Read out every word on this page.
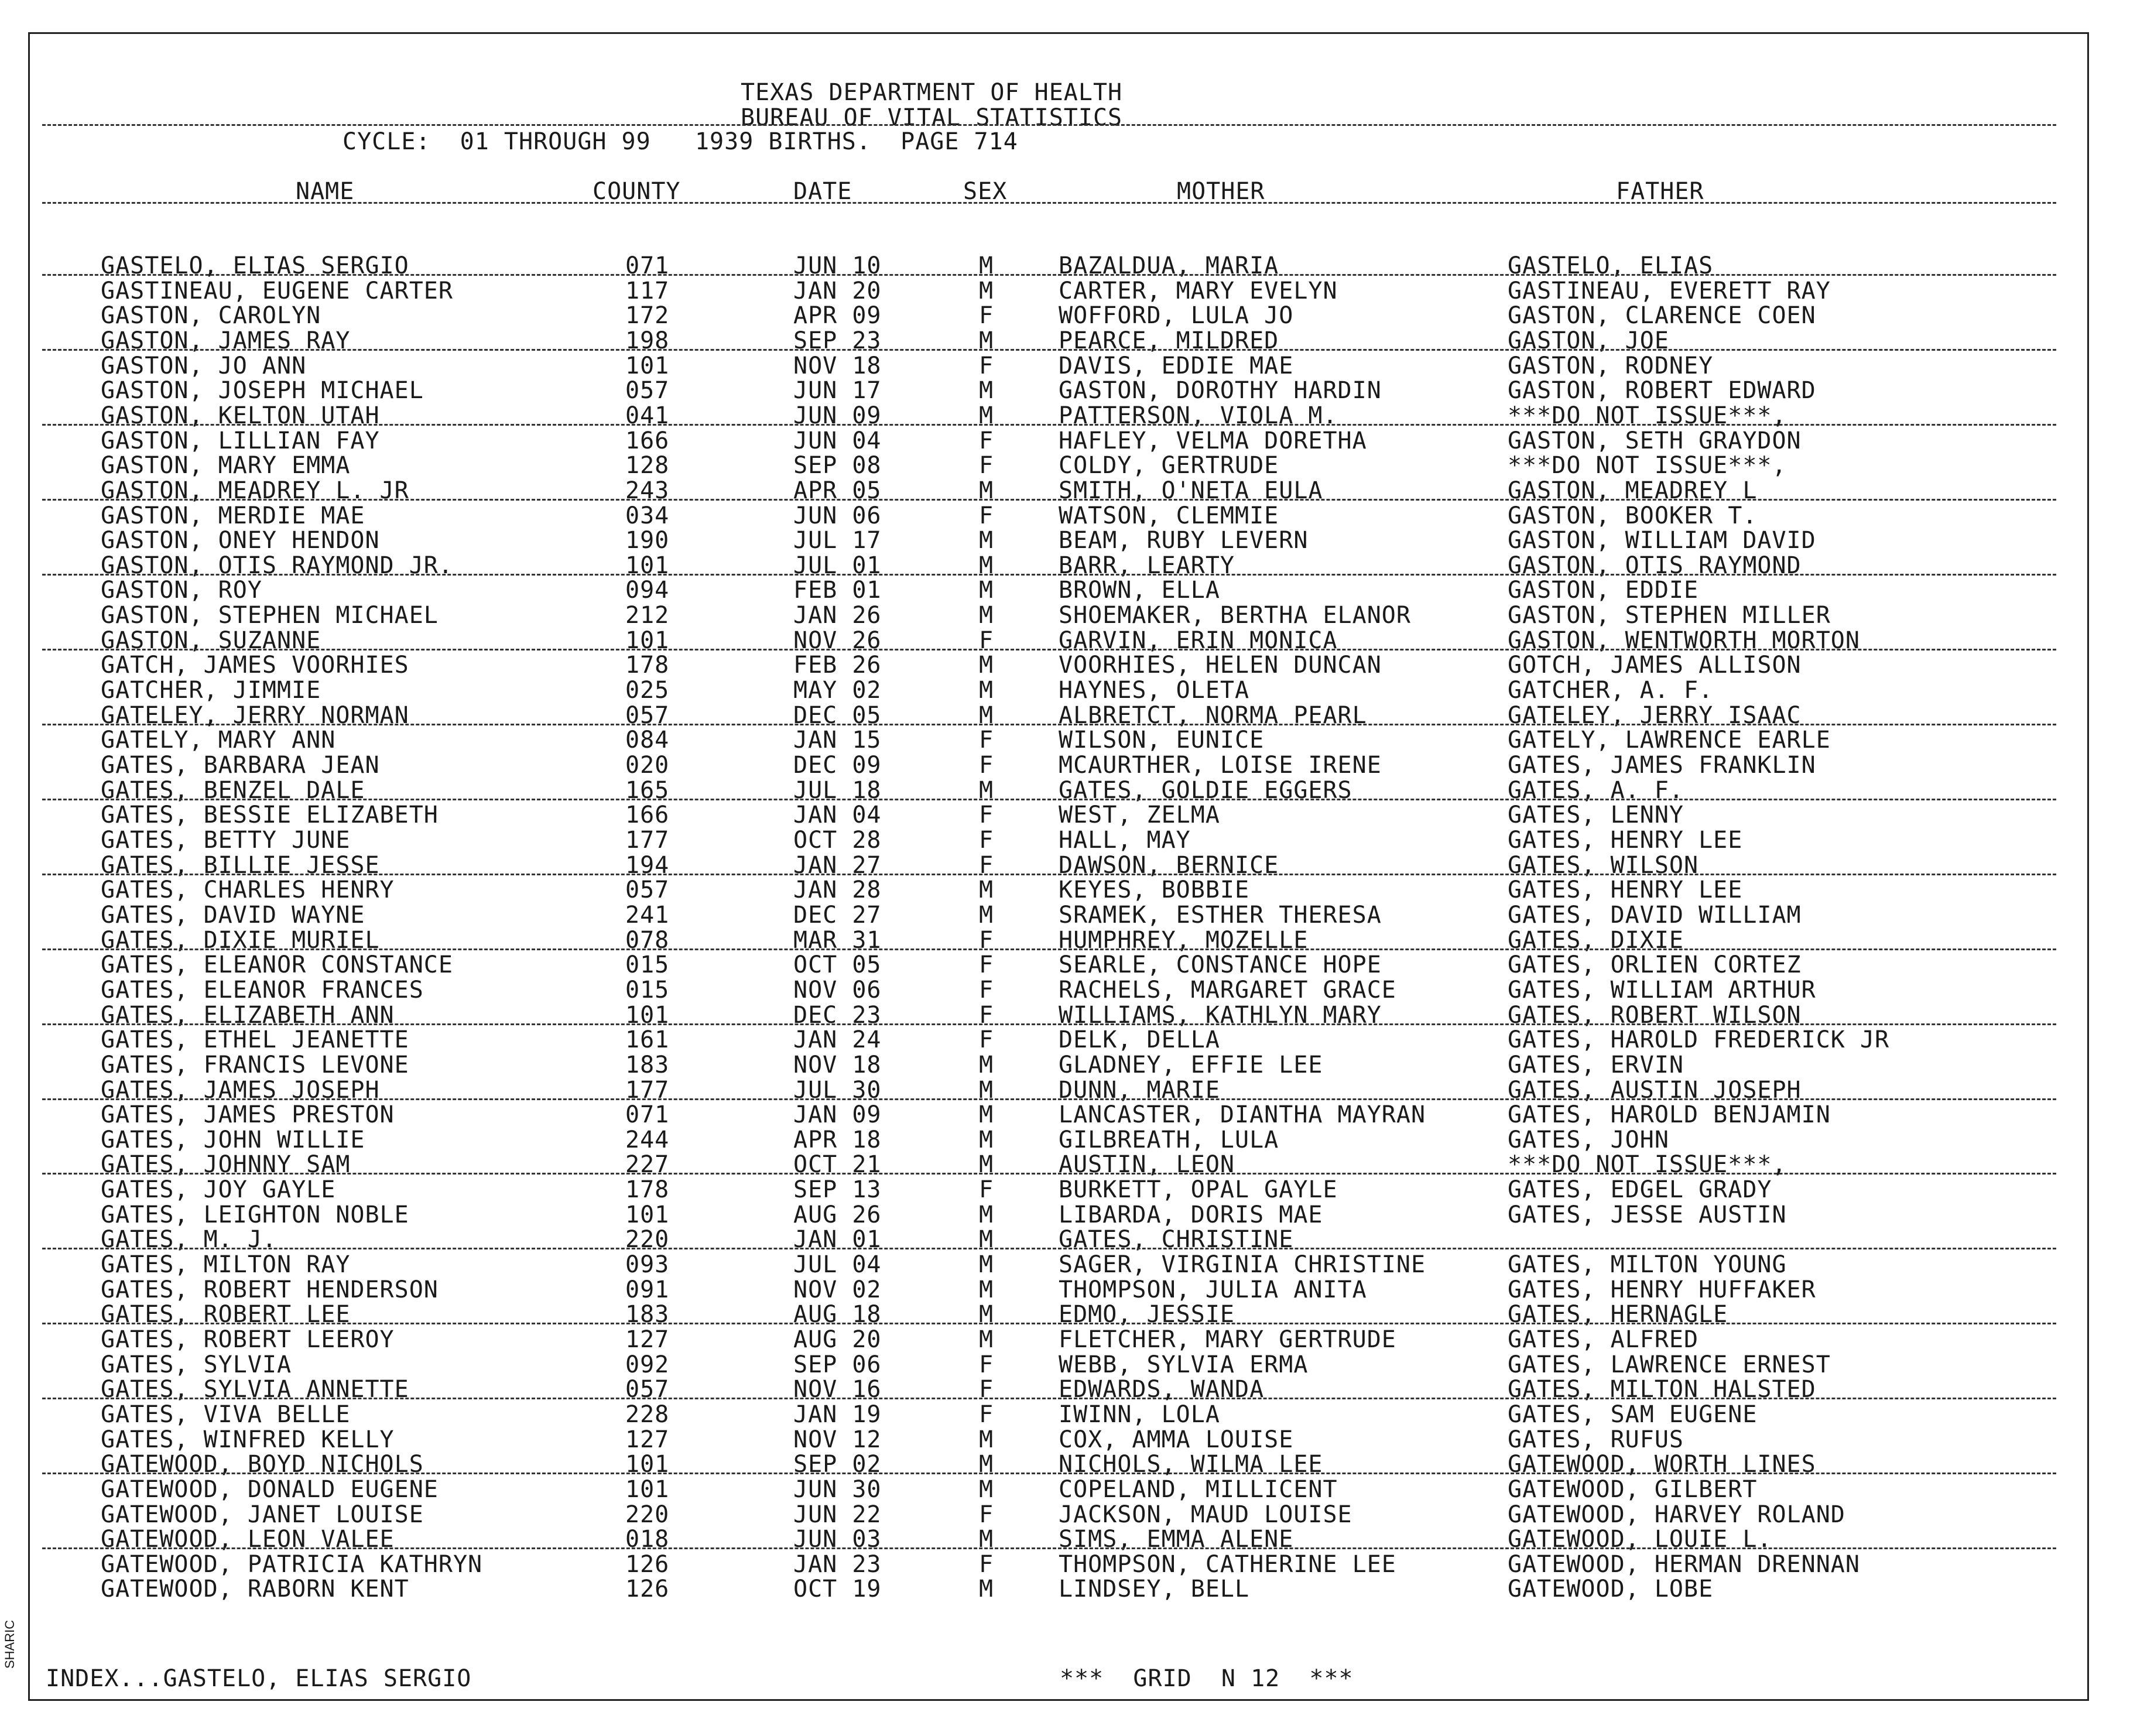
TEXAS DEPARTMENT OF HEALTH
BUREAU OF VITAL STATISTICS
CYCLE:  01 THROUGH 99   1939 BIRTHS.  PAGE 714
NAME	COUNTY	DATE	SEX	MOTHER	FATHER
GASTELO, ELIAS SERGIO	071	JUN 10	M	BAZALDUA, MARIA	GASTELO, ELIAS
GASTINEAU, EUGENE CARTER	117	JAN 20	M	CARTER, MARY EVELYN	GASTINEAU, EVERETT RAY
GASTON, CAROLYN	172	APR 09	F	WOFFORD, LULA JO	GASTON, CLARENCE COEN
GASTON, JAMES RAY	198	SEP 23	M	PEARCE, MILDRED	GASTON, JOE
GASTON, JO ANN	101	NOV 18	F	DAVIS, EDDIE MAE	GASTON, RODNEY
GASTON, JOSEPH MICHAEL	057	JUN 17	M	GASTON, DOROTHY HARDIN	GASTON, ROBERT EDWARD
GASTON, KELTON UTAH	041	JUN 09	M	PATTERSON, VIOLA M.	***DO NOT ISSUE***,
GASTON, LILLIAN FAY	166	JUN 04	F	HAFLEY, VELMA DORETHA	GASTON, SETH GRAYDON
GASTON, MARY EMMA	128	SEP 08	F	COLDY, GERTRUDE	***DO NOT ISSUE***,
GASTON, MEADREY L. JR	243	APR 05	M	SMITH, O'NETA EULA	GASTON, MEADREY L
GASTON, MERDIE MAE	034	JUN 06	F	WATSON, CLEMMIE	GASTON, BOOKER T.
GASTON, ONEY HENDON	190	JUL 17	M	BEAM, RUBY LEVERN	GASTON, WILLIAM DAVID
GASTON, OTIS RAYMOND JR.	101	JUL 01	M	BARR, LEARTY	GASTON, OTIS RAYMOND
GASTON, ROY	094	FEB 01	M	BROWN, ELLA	GASTON, EDDIE
GASTON, STEPHEN MICHAEL	212	JAN 26	M	SHOEMAKER, BERTHA ELANOR	GASTON, STEPHEN MILLER
GASTON, SUZANNE	101	NOV 26	F	GARVIN, ERIN MONICA	GASTON, WENTWORTH MORTON
GATCH, JAMES VOORHIES	178	FEB 26	M	VOORHIES, HELEN DUNCAN	GOTCH, JAMES ALLISON
GATCHER, JIMMIE	025	MAY 02	M	HAYNES, OLETA	GATCHER, A. F.
GATELEY, JERRY NORMAN	057	DEC 05	M	ALBRETCT, NORMA PEARL	GATELEY, JERRY ISAAC
GATELY, MARY ANN	084	JAN 15	F	WILSON, EUNICE	GATELY, LAWRENCE EARLE
GATES, BARBARA JEAN	020	DEC 09	F	MCAURTHER, LOISE IRENE	GATES, JAMES FRANKLIN
GATES, BENZEL DALE	165	JUL 18	M	GATES, GOLDIE EGGERS	GATES, A. F.
GATES, BESSIE ELIZABETH	166	JAN 04	F	WEST, ZELMA	GATES, LENNY
GATES, BETTY JUNE	177	OCT 28	F	HALL, MAY	GATES, HENRY LEE
GATES, BILLIE JESSE	194	JAN 27	F	DAWSON, BERNICE	GATES, WILSON
GATES, CHARLES HENRY	057	JAN 28	M	KEYES, BOBBIE	GATES, HENRY LEE
GATES, DAVID WAYNE	241	DEC 27	M	SRAMEK, ESTHER THERESA	GATES, DAVID WILLIAM
GATES, DIXIE MURIEL	078	MAR 31	F	HUMPHREY, MOZELLE	GATES, DIXIE
GATES, ELEANOR CONSTANCE	015	OCT 05	F	SEARLE, CONSTANCE HOPE	GATES, ORLIEN CORTEZ
GATES, ELEANOR FRANCES	015	NOV 06	F	RACHELS, MARGARET GRACE	GATES, WILLIAM ARTHUR
GATES, ELIZABETH ANN	101	DEC 23	F	WILLIAMS, KATHLYN MARY	GATES, ROBERT WILSON
GATES, ETHEL JEANETTE	161	JAN 24	F	DELK, DELLA	GATES, HAROLD FREDERICK JR
GATES, FRANCIS LEVONE	183	NOV 18	M	GLADNEY, EFFIE LEE	GATES, ERVIN
GATES, JAMES JOSEPH	177	JUL 30	M	DUNN, MARIE	GATES, AUSTIN JOSEPH
GATES, JAMES PRESTON	071	JAN 09	M	LANCASTER, DIANTHA MAYRAN	GATES, HAROLD BENJAMIN
GATES, JOHN WILLIE	244	APR 18	M	GILBREATH, LULA	GATES, JOHN
GATES, JOHNNY SAM	227	OCT 21	M	AUSTIN, LEON	***DO NOT ISSUE***,
GATES, JOY GAYLE	178	SEP 13	F	BURKETT, OPAL GAYLE	GATES, EDGEL GRADY
GATES, LEIGHTON NOBLE	101	AUG 26	M	LIBARDA, DORIS MAE	GATES, JESSE AUSTIN
GATES, M. J.	220	JAN 01	M	GATES, CHRISTINE
GATES, MILTON RAY	093	JUL 04	M	SAGER, VIRGINIA CHRISTINE	GATES, MILTON YOUNG
GATES, ROBERT HENDERSON	091	NOV 02	M	THOMPSON, JULIA ANITA	GATES, HENRY HUFFAKER
GATES, ROBERT LEE	183	AUG 18	M	EDMO, JESSIE	GATES, HERNAGLE
GATES, ROBERT LEEROY	127	AUG 20	M	FLETCHER, MARY GERTRUDE	GATES, ALFRED
GATES, SYLVIA	092	SEP 06	F	WEBB, SYLVIA ERMA	GATES, LAWRENCE ERNEST
GATES, SYLVIA ANNETTE	057	NOV 16	F	EDWARDS, WANDA	GATES, MILTON HALSTED
GATES, VIVA BELLE	228	JAN 19	F	IWINN, LOLA	GATES, SAM EUGENE
GATES, WINFRED KELLY	127	NOV 12	M	COX, AMMA LOUISE	GATES, RUFUS
GATEWOOD, BOYD NICHOLS	101	SEP 02	M	NICHOLS, WILMA LEE	GATEWOOD, WORTH LINES
GATEWOOD, DONALD EUGENE	101	JUN 30	M	COPELAND, MILLICENT	GATEWOOD, GILBERT
GATEWOOD, JANET LOUISE	220	JUN 22	F	JACKSON, MAUD LOUISE	GATEWOOD, HARVEY ROLAND
GATEWOOD, LEON VALEE	018	JUN 03	M	SIMS, EMMA ALENE	GATEWOOD, LOUIE L.
GATEWOOD, PATRICIA KATHRYN	126	JAN 23	F	THOMPSON, CATHERINE LEE	GATEWOOD, HERMAN DRENNAN
GATEWOOD, RABORN KENT	126	OCT 19	M	LINDSEY, BELL	GATEWOOD, LOBE
INDEX...GASTELO, ELIAS SERGIO	***  GRID  N 12  ***
SHARIC
